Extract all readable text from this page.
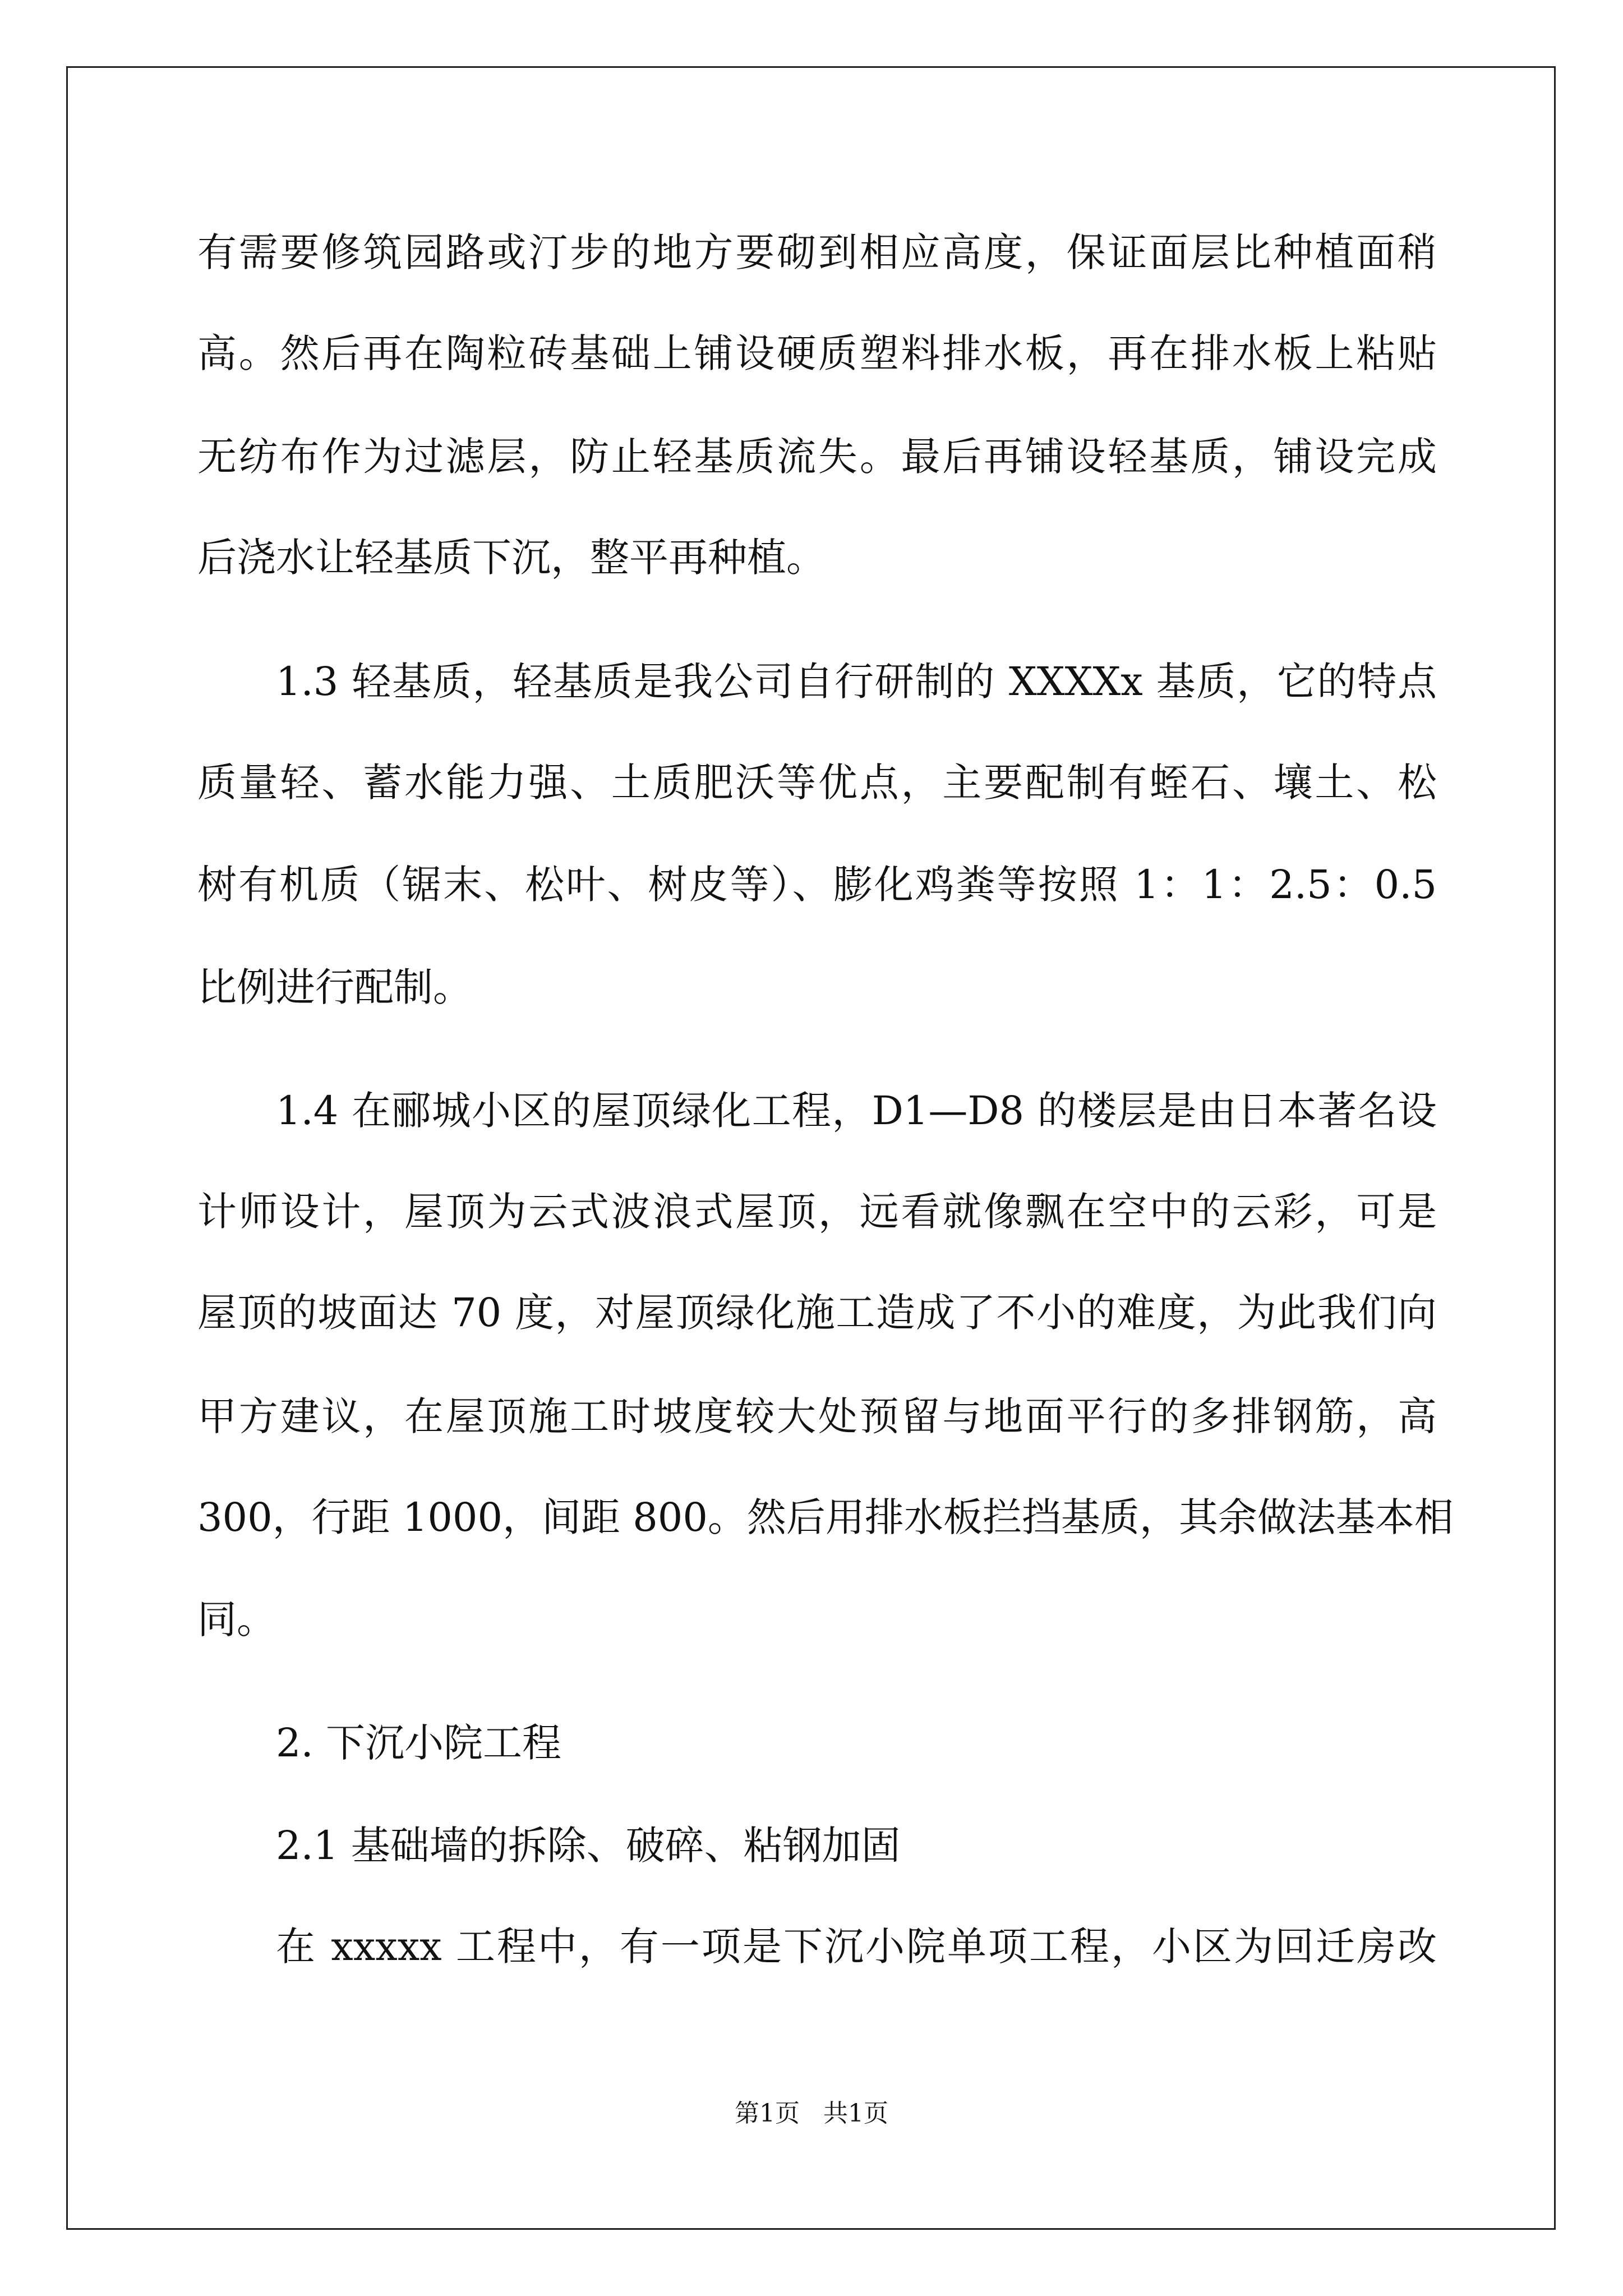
有需要修筑园路或汀步的地方要砌到相应高度，保证面层比种植面稍
高。然后再在陶粒砖基础上铺设硬质塑料排水板，再在排水板上粘贴
无纺布作为过滤层，防止轻基质流失。最后再铺设轻基质，铺设完成
后浇水让轻基质下沉，整平再种植。
1.3 轻基质，轻基质是我公司自行研制的 XXXXx 基质，它的特点
质量轻、蓄水能力强、土质肥沃等优点，主要配制有蛭石、壤土、松
树有机质（锯末、松叶、树皮等）、膨化鸡粪等按照 1：1：2.5：0.5
比例进行配制。
1.4 在郦城小区的屋顶绿化工程，D1—D8 的楼层是由日本著名设
计师设计，屋顶为云式波浪式屋顶，远看就像飘在空中的云彩，可是
屋顶的坡面达 70 度，对屋顶绿化施工造成了不小的难度，为此我们向
甲方建议，在屋顶施工时坡度较大处预留与地面平行的多排钢筋，高
300，行距 1000，间距 800。然后用排水板拦挡基质，其余做法基本相
同。
2. 下沉小院工程
2.1 基础墙的拆除、破碎、粘钢加固
在 xxxxx 工程中，有一项是下沉小院单项工程，小区为回迁房改
第1页   共1页
